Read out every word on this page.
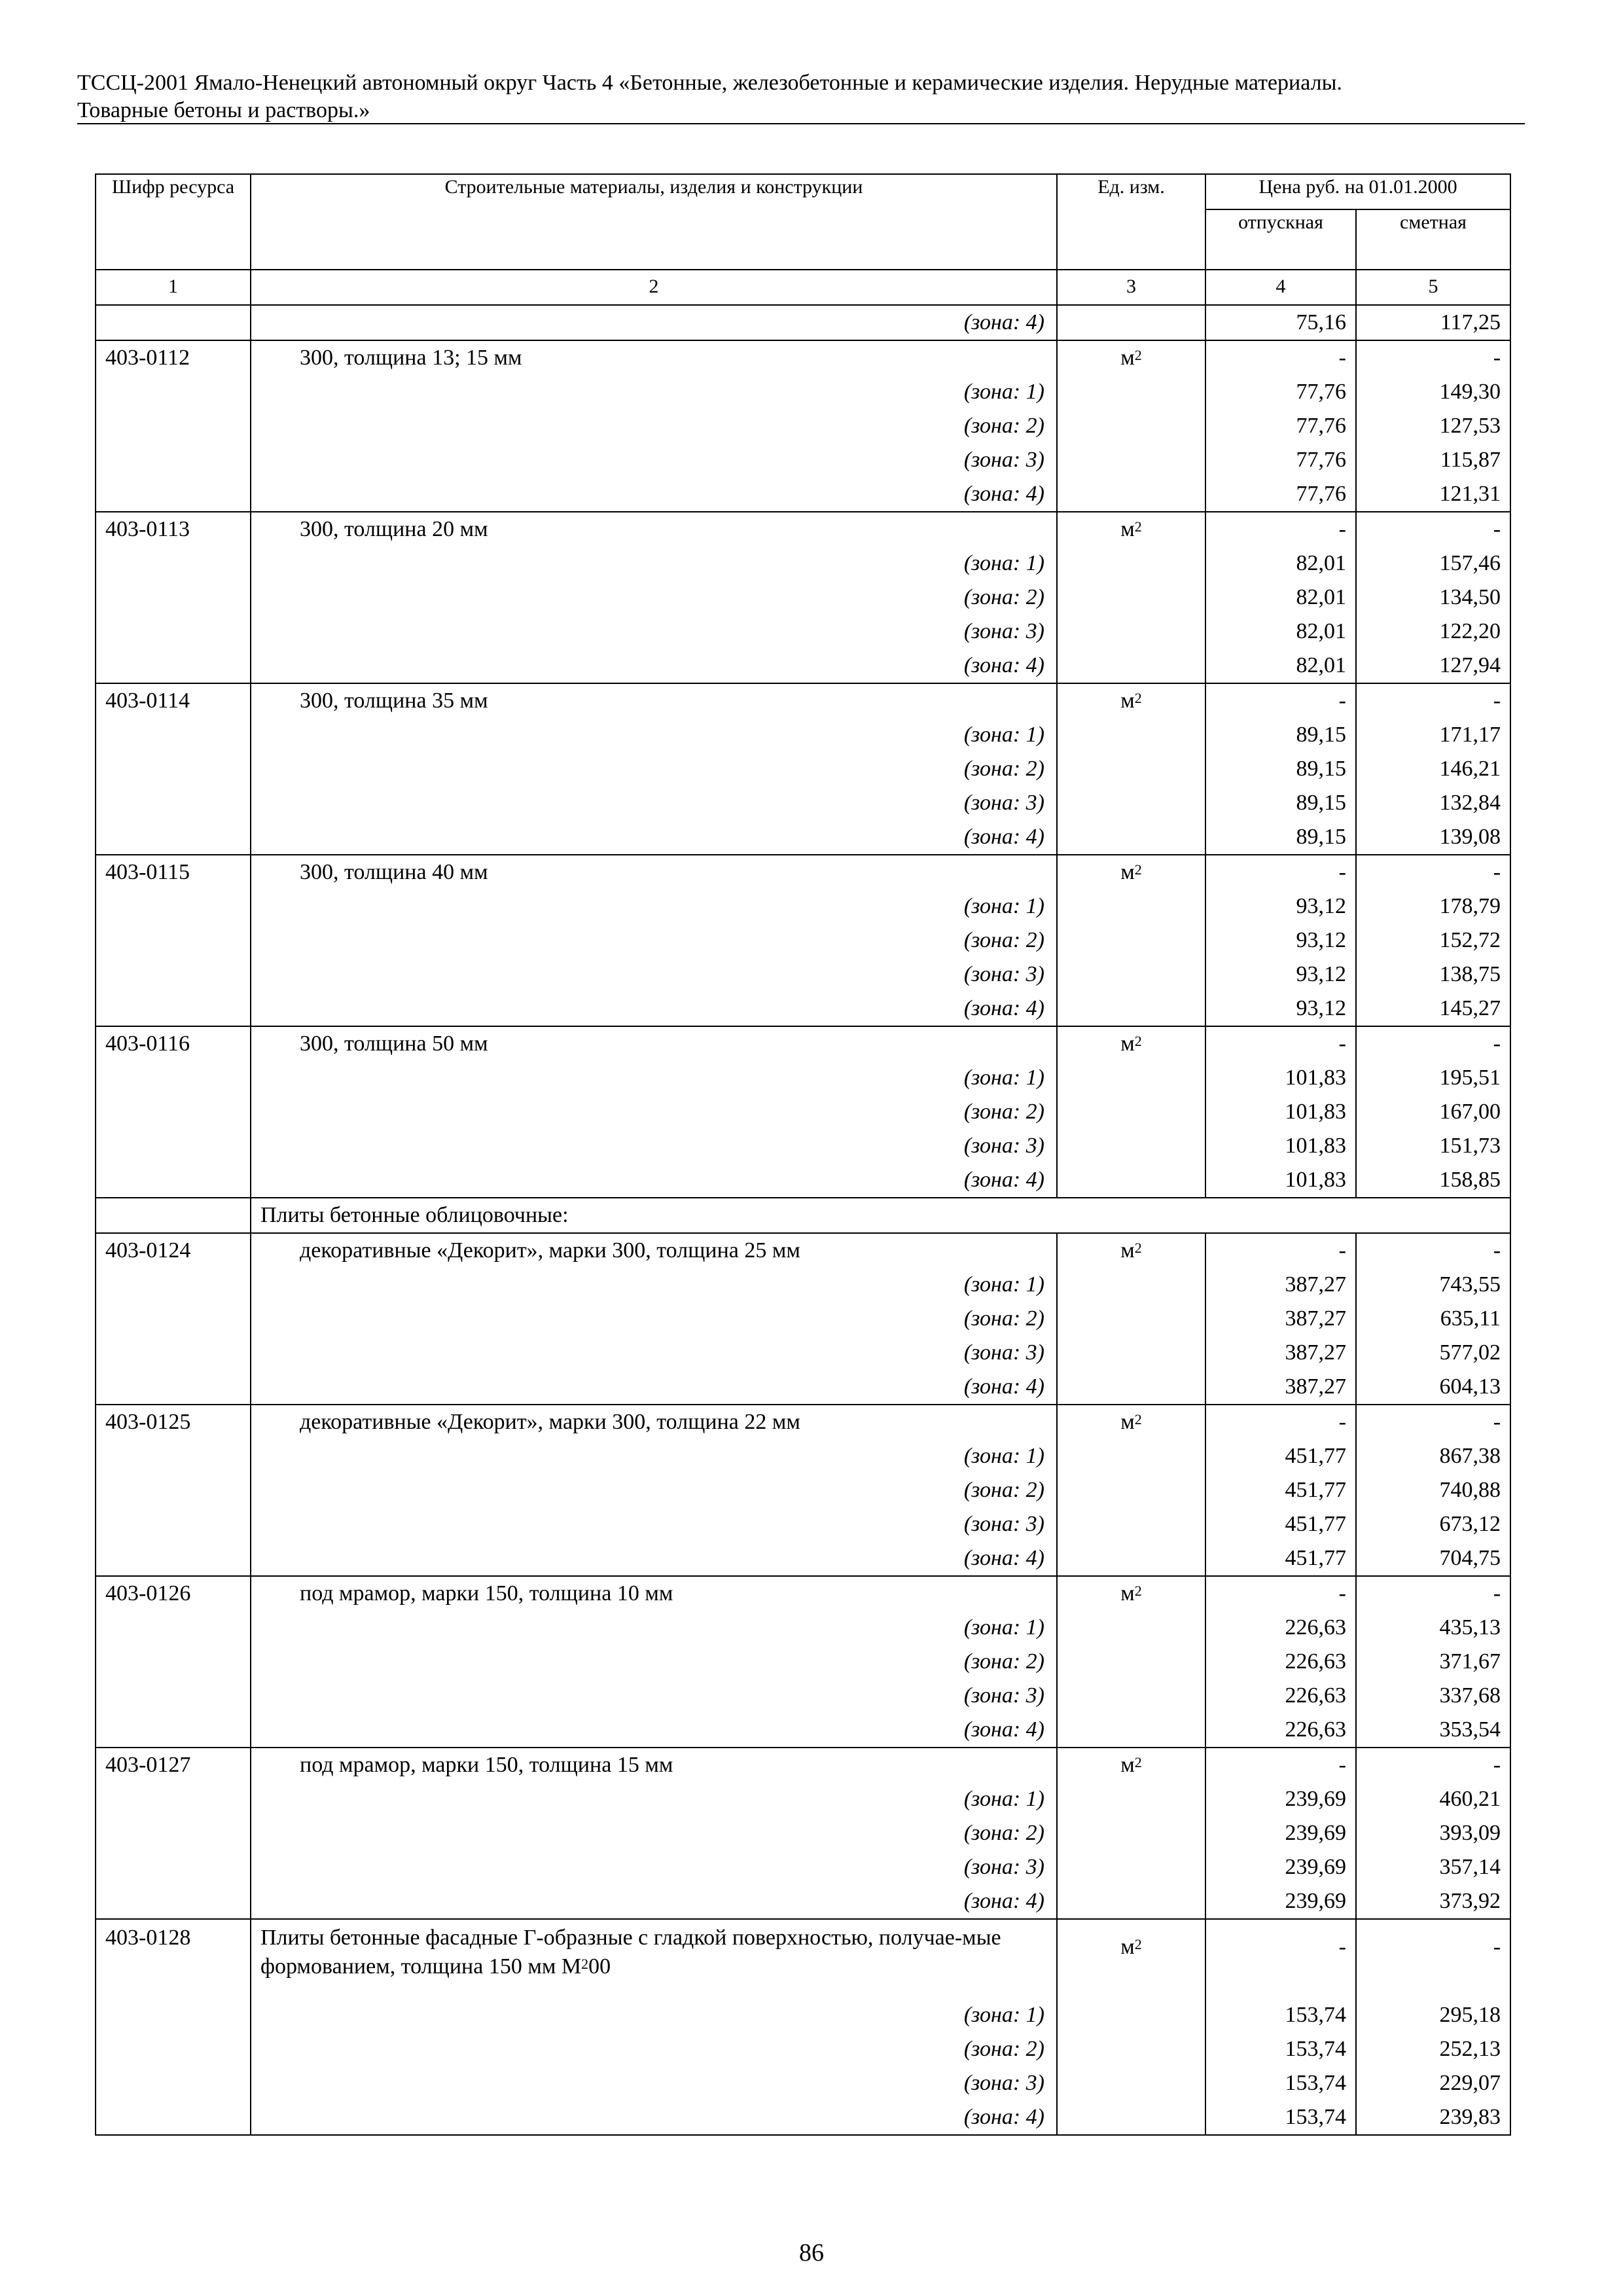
ТССЦ-2001 Ямало-Ненецкий автономный округ Часть 4 «Бетонные, железобетонные и керамические изделия. Нерудные материалы.
Товарные бетоны и растворы.»
Шифр ресурса	Строительные материалы, изделия и конструкции	Ед. изм.	Цена руб. на 01.01.2000	
			отпускная	сметная
1	2	3	4	5
	(зона: 4)		75,16	117,25
403-0112	300, толщина 13; 15 мм	$м^2$	-	-
	(зона: 1)		77,76	149,30
	(зона: 2)		77,76	127,53
	(зона: 3)		77,76	115,87
	(зона: 4)		77,76	121,31
403-0113	300, толщина 20 мм	$м^2$	-	-
	(зона: 1)		82,01	157,46
	(зона: 2)		82,01	134,50
	(зона: 3)		82,01	122,20
	(зона: 4)		82,01	127,94
403-0114	300, толщина 35 мм	$м^2$	-	-
	(зона: 1)		89,15	171,17
	(зона: 2)		89,15	146,21
	(зона: 3)		89,15	132,84
	(зона: 4)		89,15	139,08
403-0115	300, толщина 40 мм	$м^2$	-	-
	(зона: 1)		93,12	178,79
	(зона: 2)		93,12	152,72
	(зона: 3)		93,12	138,75
	(зона: 4)		93,12	145,27
403-0116	300, толщина 50 мм	$м^2$	-	-
	(зона: 1)		101,83	195,51
	(зона: 2)		101,83	167,00
	(зона: 3)		101,83	151,73
	(зона: 4)		101,83	158,85
	Плиты бетонные облицовочные:			
403-0124	декоративные «Декорит», марки 300, толщина 25 мм	$м^2$	-	-
	(зона: 1)		387,27	743,55
	(зона: 2)		387,27	635,11
	(зона: 3)		387,27	577,02
	(зона: 4)		387,27	604,13
403-0125	декоративные «Декорит», марки 300, толщина 22 мм	$м^2$	-	-
	(зона: 1)		451,77	867,38
	(зона: 2)		451,77	740,88
	(зона: 3)		451,77	673,12
	(зона: 4)		451,77	704,75
403-0126	под мрамор, марки 150, толщина 10 мм	$м^2$	-	-
	(зона: 1)		226,63	435,13
	(зона: 2)		226,63	371,67
	(зона: 3)		226,63	337,68
	(зона: 4)		226,63	353,54
403-0127	под мрамор, марки 150, толщина 15 мм	$м^2$	-	-
	(зона: 1)		239,69	460,21
	(зона: 2)		239,69	393,09
	(зона: 3)		239,69	357,14
	(зона: 4)		239,69	373,92
403-0128	Плиты бетонные фасадные Г-образные с гладкой поверхностью, получае-мые формованием, толщина 150 мм $М^200$	$м^2$	-	-
	(зона: 1)		153,74	295,18
	(зона: 2)		153,74	252,13
	(зона: 3)		153,74	229,07
	(зона: 4)		153,74	239,83
86
